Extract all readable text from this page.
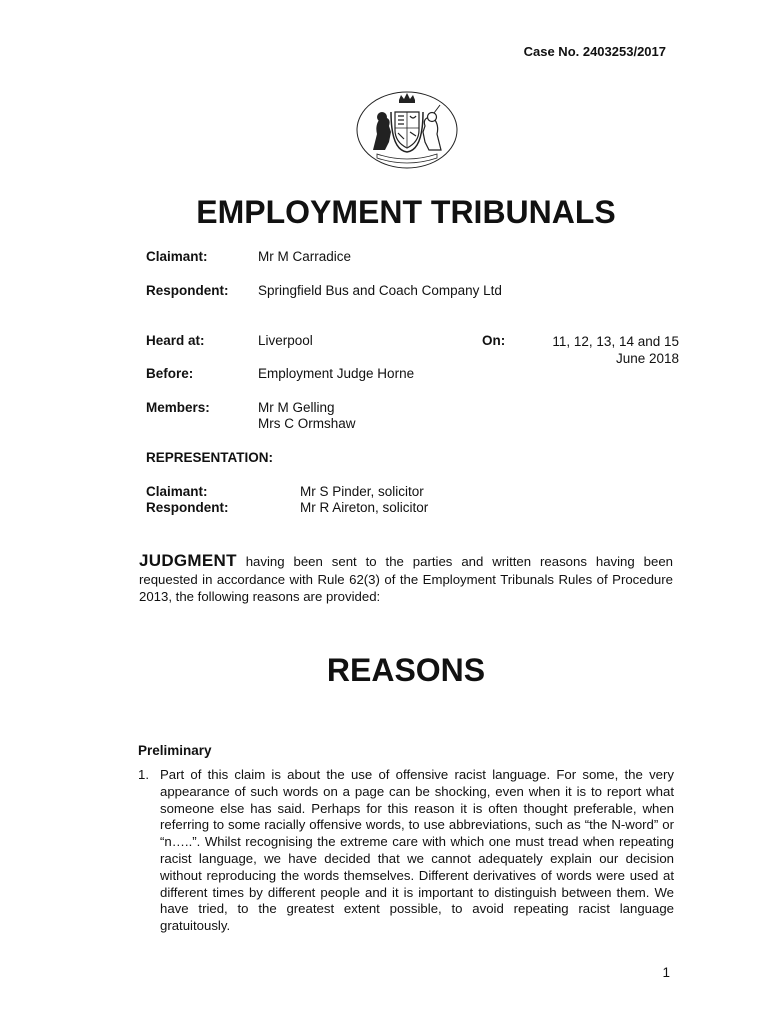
Case No. 2403253/2017
EMPLOYMENT TRIBUNALS
Claimant:	Mr M Carradice
Respondent: Springfield Bus and Coach Company Ltd
Heard at:	Liverpool	On:	11, 12, 13, 14 and 15
June 2018
Before:	Employment Judge Horne
Members:	Mr M Gelling
Mrs C Ormshaw
REPRESENTATION:
Claimant:	Mr S Pinder, solicitor
Respondent:	Mr R Aireton, solicitor
JUDGMENT having been sent to the parties and written reasons having been requested in accordance with Rule 62(3) of the Employment Tribunals Rules of Procedure 2013, the following reasons are provided:
REASONS
Preliminary
1. Part of this claim is about the use of offensive racist language. For some, the very appearance of such words on a page can be shocking, even when it is to report what someone else has said. Perhaps for this reason it is often thought preferable, when referring to some racially offensive words, to use abbreviations, such as “the N-word” or “n…..”. Whilst recognising the extreme care with which one must tread when repeating racist language, we have decided that we cannot adequately explain our decision without reproducing the words themselves. Different derivatives of words were used at different times by different people and it is important to distinguish between them. We have tried, to the greatest extent possible, to avoid repeating racist language gratuitously.
1
